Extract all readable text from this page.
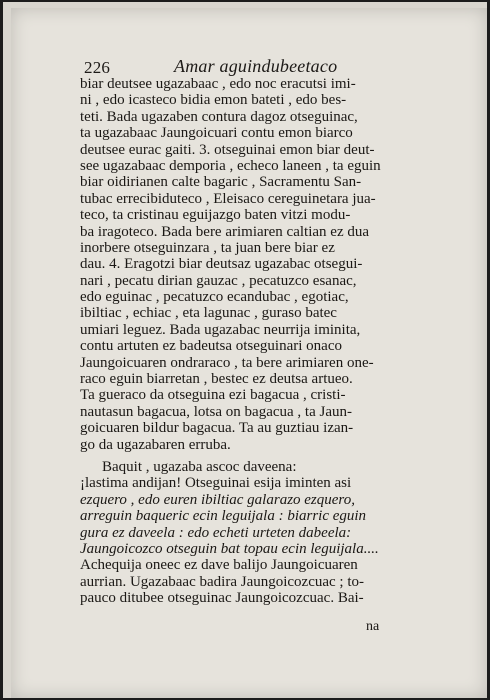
226	Amar aguindubeetaco
biar deutsee ugazabaac , edo noc eracutsi imi-
ni , edo icasteco bidia emon bateti , edo bes-
teti. Bada ugazaben contura dagoz otseguinac,
ta ugazabaac Jaungoicuari contu emon biarco
deutsee eurac gaiti. 3. otseguinai emon biar deut-
see ugazabaac demporia , echeco laneen , ta eguin
biar oidirianen calte bagaric , Sacramentu San-
tubac errecibiduteco , Eleisaco cereguinetara jua-
teco, ta cristinau eguijazgo baten vitzi modu-
ba iragoteco. Bada bere arimiaren caltian ez dua
inorbere otseguinzara , ta juan bere biar ez
dau. 4. Eragotzi biar deutsaz ugazabac otsegui-
nari , pecatu dirian gauzac , pecatuzco esanac,
edo eguinac , pecatuzco ecandubac , egotiac,
ibiltiac , echiac , eta lagunac , guraso batec
umiari leguez. Bada ugazabac neurrija iminita,
contu artuten ez badeutsa otseguinari onaco
Jaungoicuaren ondraraco , ta bere arimiaren one-
raco eguin biarretan , bestec ez deutsa artueo.
Ta gueraco da otseguina ezi bagacua , cristi-
nautasun bagacua, lotsa on bagacua , ta Jaun-
goicuaren bildur bagacua. Ta au guztiau izan-
go da ugazabaren erruba.
Baquit , ugazaba ascoc daveena:
¡lastima andijan! Otseguinai esija iminten asi
ezquero , edo euren ibiltiac galarazo ezquero,
arreguin baqueric ecin leguijala : biarric eguin
gura ez daveela : edo echeti urteten dabeela:
Jaungoicozco otseguin bat topau ecin leguijala....
Achequija oneec ez dave balijo Jaungoicuaren
aurrian. Ugazabaac badira Jaungoicozcuac ; to-
pauco ditubee otseguinac Jaungoicozcuac. Bai-
na
